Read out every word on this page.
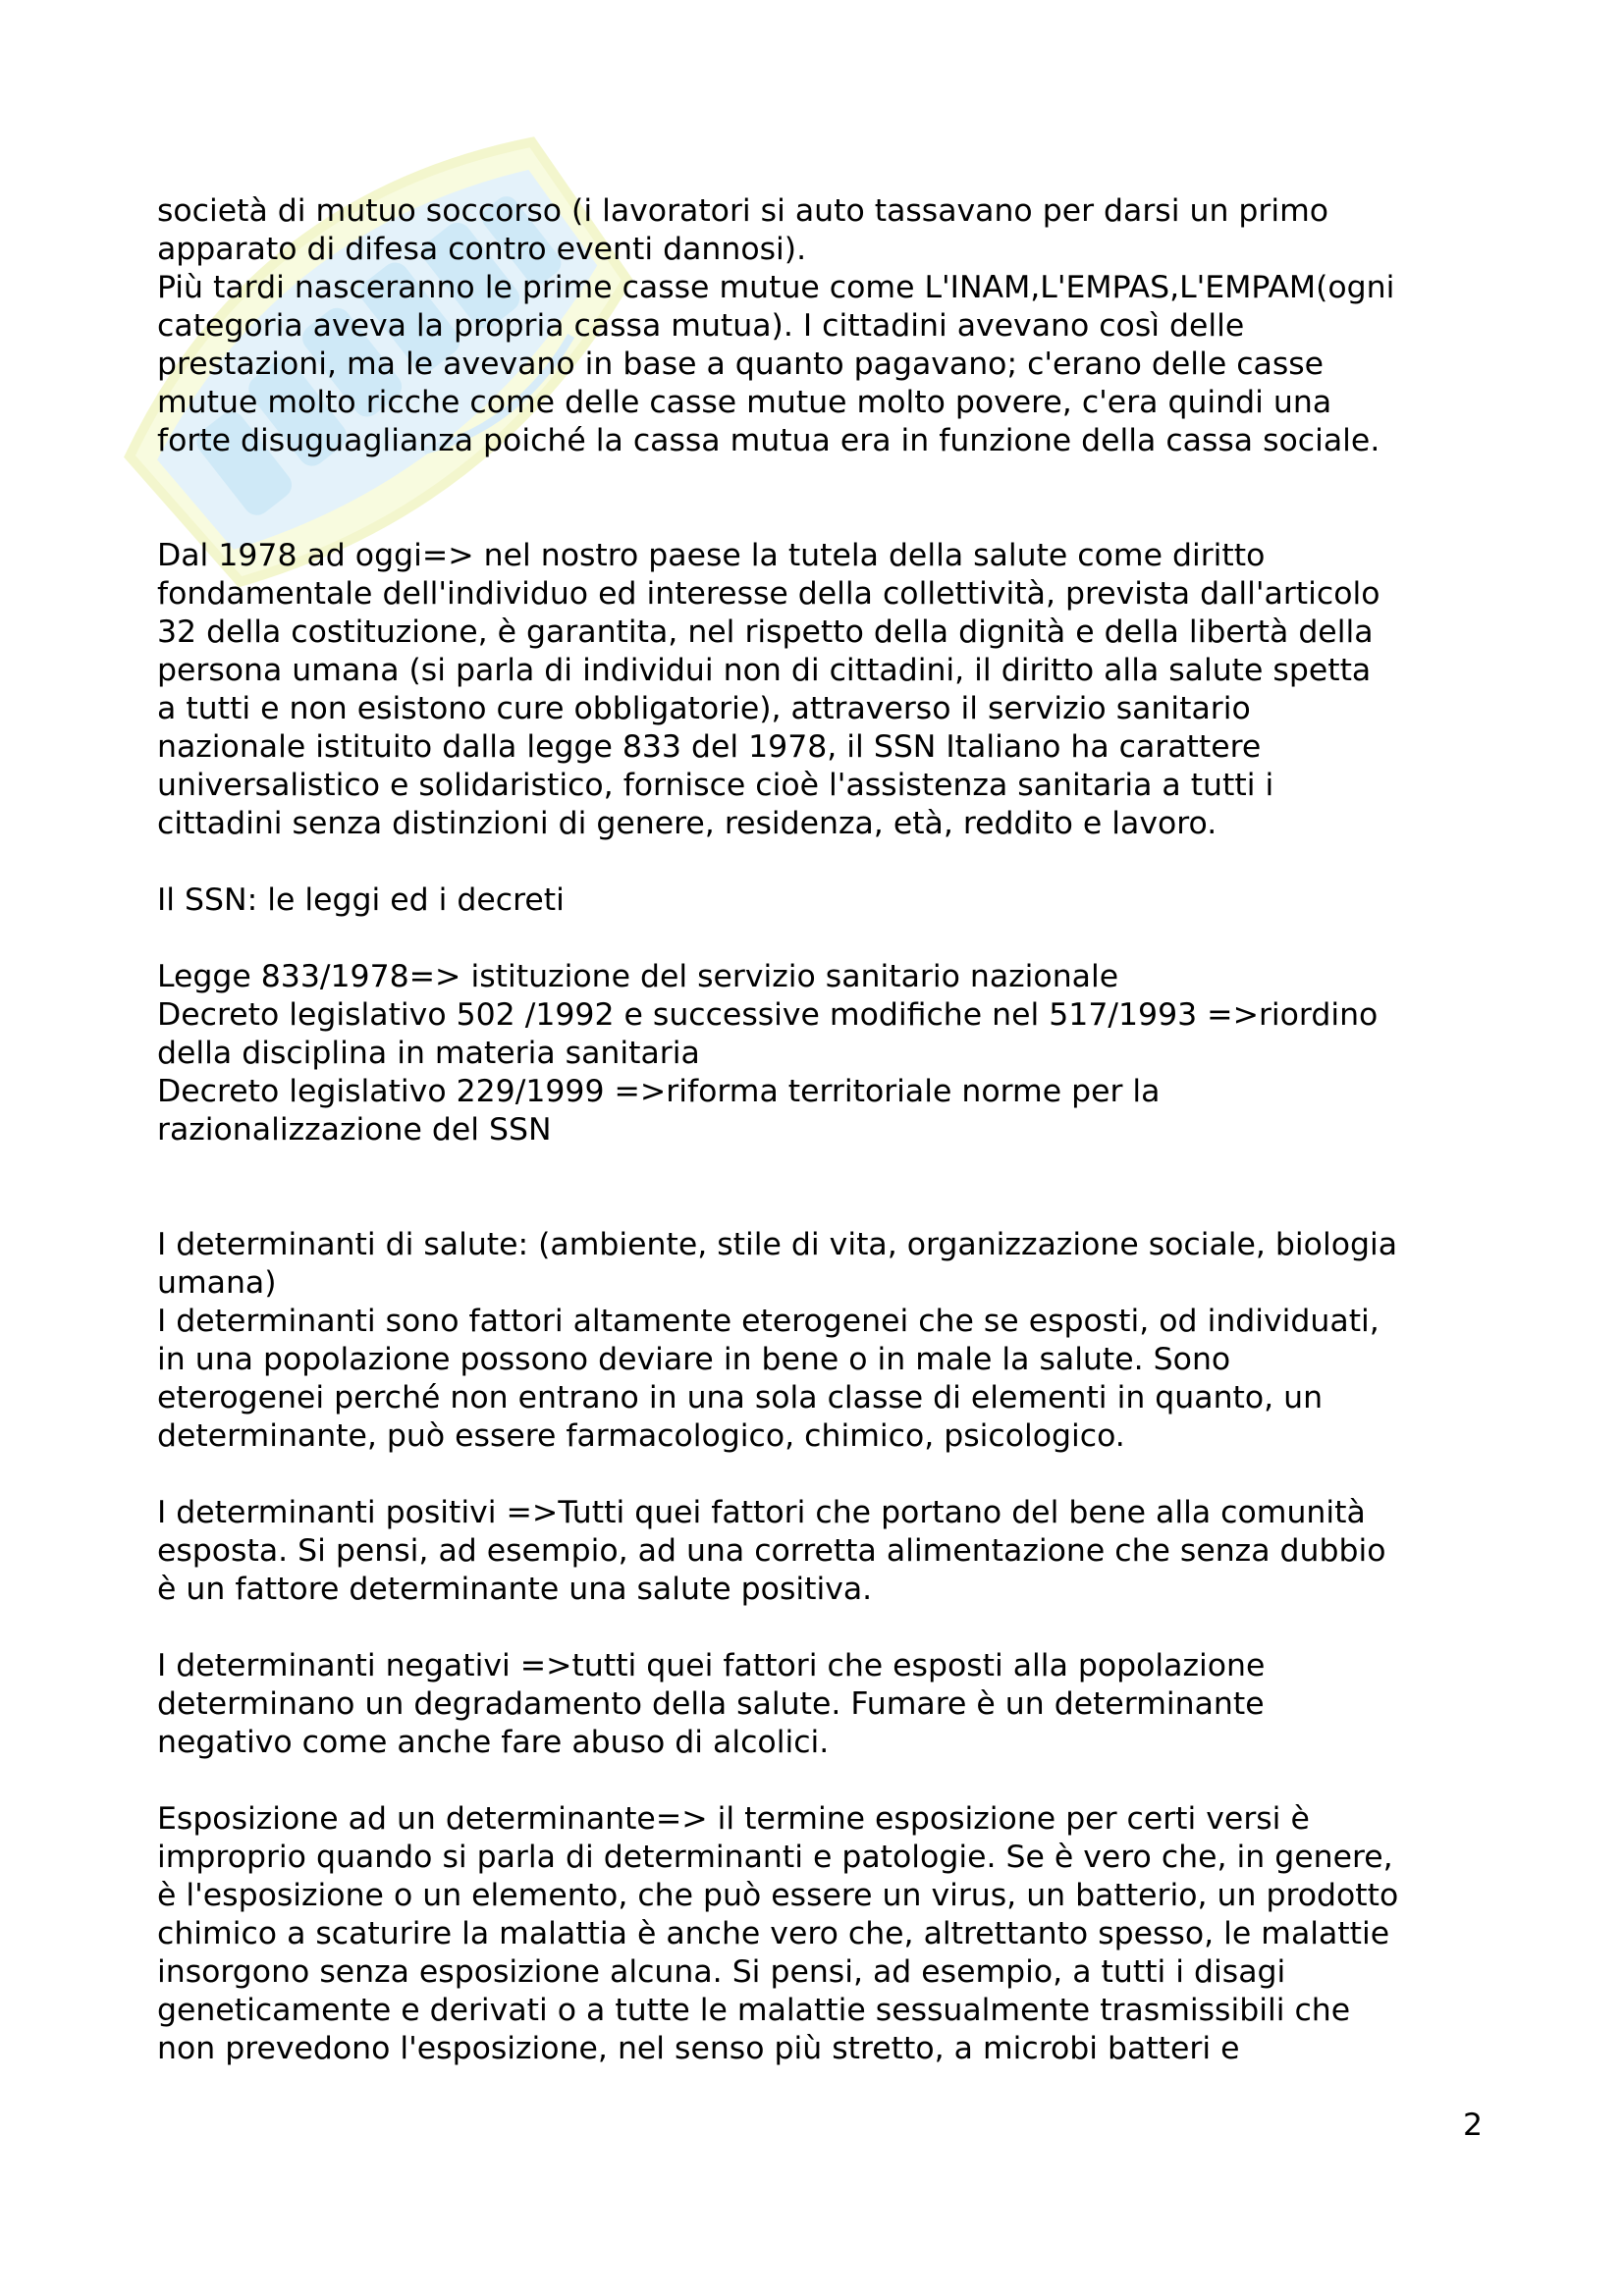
società di mutuo soccorso (i lavoratori si auto tassavano per darsi un primo
apparato di difesa contro eventi dannosi).
Più tardi nasceranno le prime casse mutue come L'INAM,L'EMPAS,L'EMPAM(ogni
categoria aveva la propria cassa mutua). I cittadini avevano così delle
prestazioni, ma le avevano in base a quanto pagavano; c'erano delle casse
mutue molto ricche come delle casse mutue molto povere, c'era quindi una
forte disuguaglianza poiché la cassa mutua era in funzione della cassa sociale.

Dal 1978 ad oggi=> nel nostro paese la tutela della salute come diritto
fondamentale dell'individuo ed interesse della collettività, prevista dall'articolo
32 della costituzione, è garantita, nel rispetto della dignità e della libertà della
persona umana (si parla di individui non di cittadini, il diritto alla salute spetta
a tutti e non esistono cure obbligatorie), attraverso il servizio sanitario
nazionale istituito dalla legge 833 del 1978, il SSN Italiano ha carattere
universalistico e solidaristico, fornisce cioè l'assistenza sanitaria a tutti i
cittadini senza distinzioni di genere, residenza, età, reddito e lavoro.

Il SSN: le leggi ed i decreti

Legge 833/1978=> istituzione del servizio sanitario nazionale
Decreto legislativo 502 /1992 e successive modifiche nel 517/1993 =>riordino
della disciplina in materia sanitaria
Decreto legislativo 229/1999 =>riforma territoriale norme per la
razionalizzazione del SSN

I determinanti di salute: (ambiente, stile di vita, organizzazione sociale, biologia
umana)
I determinanti sono fattori altamente eterogenei che se esposti, od individuati,
in una popolazione possono deviare in bene o in male la salute. Sono
eterogenei perché non entrano in una sola classe di elementi in quanto, un
determinante, può essere farmacologico, chimico, psicologico.

I determinanti positivi =>Tutti quei fattori che portano del bene alla comunità
esposta. Si pensi, ad esempio, ad una corretta alimentazione che senza dubbio
è un fattore determinante una salute positiva.

I determinanti negativi =>tutti quei fattori che esposti alla popolazione
determinano un degradamento della salute. Fumare è un determinante
negativo come anche fare abuso di alcolici.

Esposizione ad un determinante=> il termine esposizione per certi versi è
improprio quando si parla di determinanti e patologie. Se è vero che, in genere,
è l'esposizione o un elemento, che può essere un virus, un batterio, un prodotto
chimico a scaturire la malattia è anche vero che, altrettanto spesso, le malattie
insorgono senza esposizione alcuna. Si pensi, ad esempio, a tutti i disagi
geneticamente e derivati o a tutte le malattie sessualmente trasmissibili che
non prevedono l'esposizione, nel senso più stretto, a microbi batteri e

2
